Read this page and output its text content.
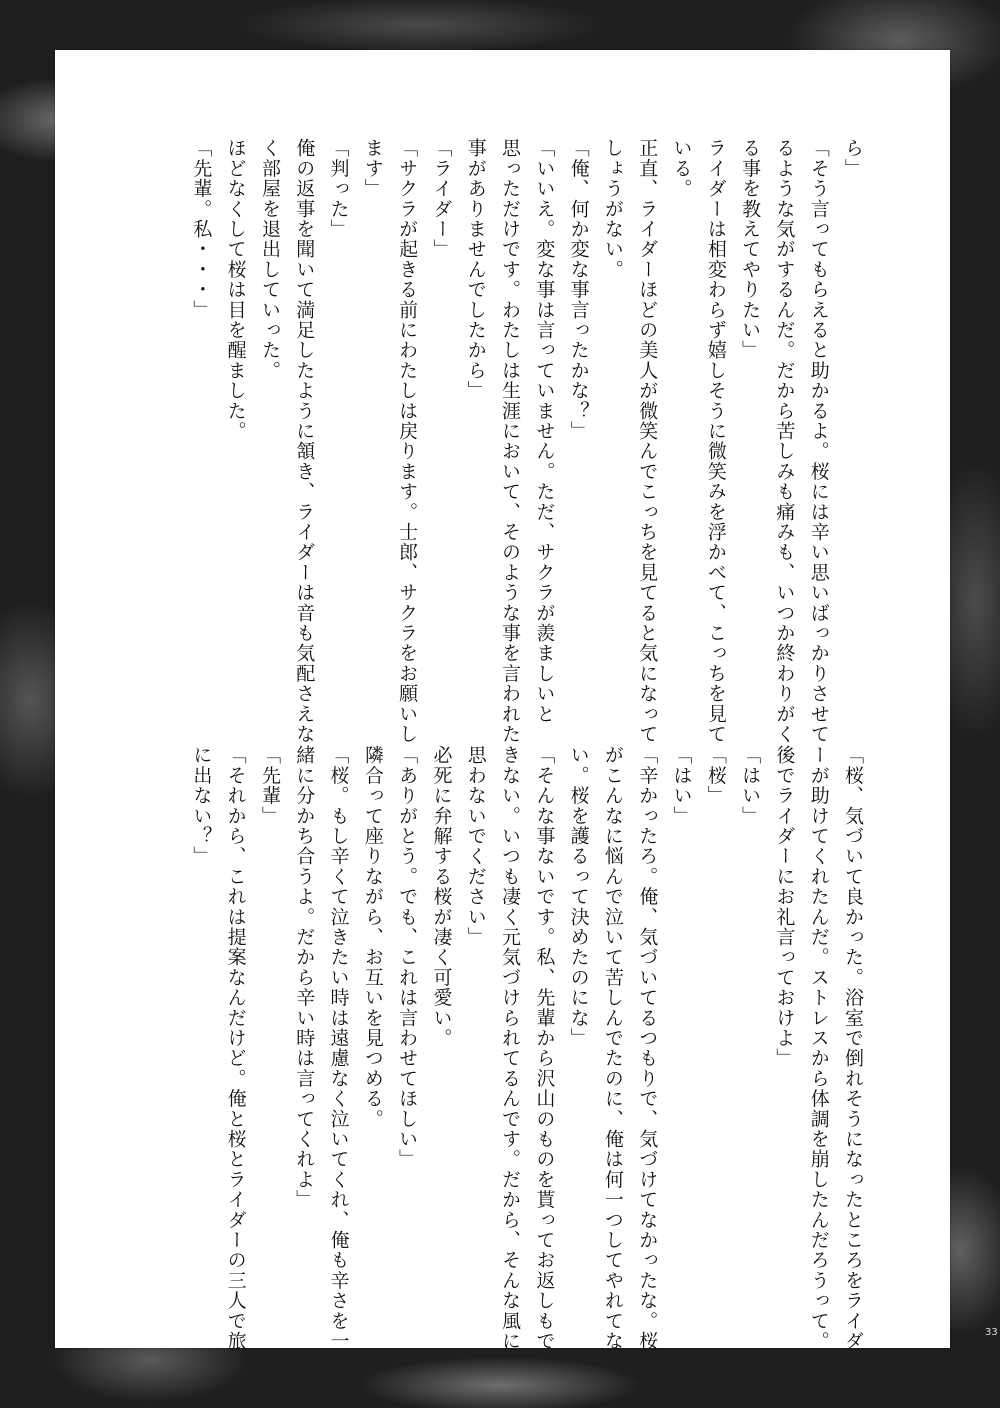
ら」

「そう言ってもらえると助かるよ。桜には辛い思いばっかりさせて

るような気がするんだ。だから苦しみも痛みも、いつか終わりがく

る事を教えてやりたい」

ライダーは相変わらず嬉しそうに微笑みを浮かべて、こっちを見て

いる。

正直、ライダーほどの美人が微笑んでこっちを見てると気になって

しょうがない。

「俺、何か変な事言ったかな？」

「いいえ。変な事は言っていません。ただ、サクラが羨ましいと

思っただけです。わたしは生涯において、そのような事を言われた

事がありませんでしたから」

「ライダー」

「サクラが起きる前にわたしは戻ります。士郎、サクラをお願いし

ます」

「判った」

俺の返事を聞いて満足したように頷き、ライダーは音も気配さえな

く部屋を退出していった。

ほどなくして桜は目を醒ました。

「先輩。私・・・」

「桜、気づいて良かった。浴室で倒れそうになったところをライダ

ーが助けてくれたんだ。ストレスから体調を崩したんだろうって。

後でライダーにお礼言っておけよ」

「はい」

「桜」

「はい」

「辛かったろ。俺、気づいてるつもりで、気づけてなかったな。桜

がこんなに悩んで泣いて苦しんでたのに、俺は何一つしてやれてな

い。桜を護るって決めたのにな」

「そんな事ないです。私、先輩から沢山のものを貰ってお返しもで

きない。いつも凄く元気づけられてるんです。だから、そんな風に

思わないでください」

必死に弁解する桜が凄く可愛い。

「ありがとう。でも、これは言わせてほしい」

隣合って座りながら、お互いを見つめる。

「桜。もし辛くて泣きたい時は遠慮なく泣いてくれ、俺も辛さを一

緒に分かち合うよ。だから辛い時は言ってくれよ」

「先輩」

「それから、これは提案なんだけど。俺と桜とライダーの三人で旅

に出ない？」

33
